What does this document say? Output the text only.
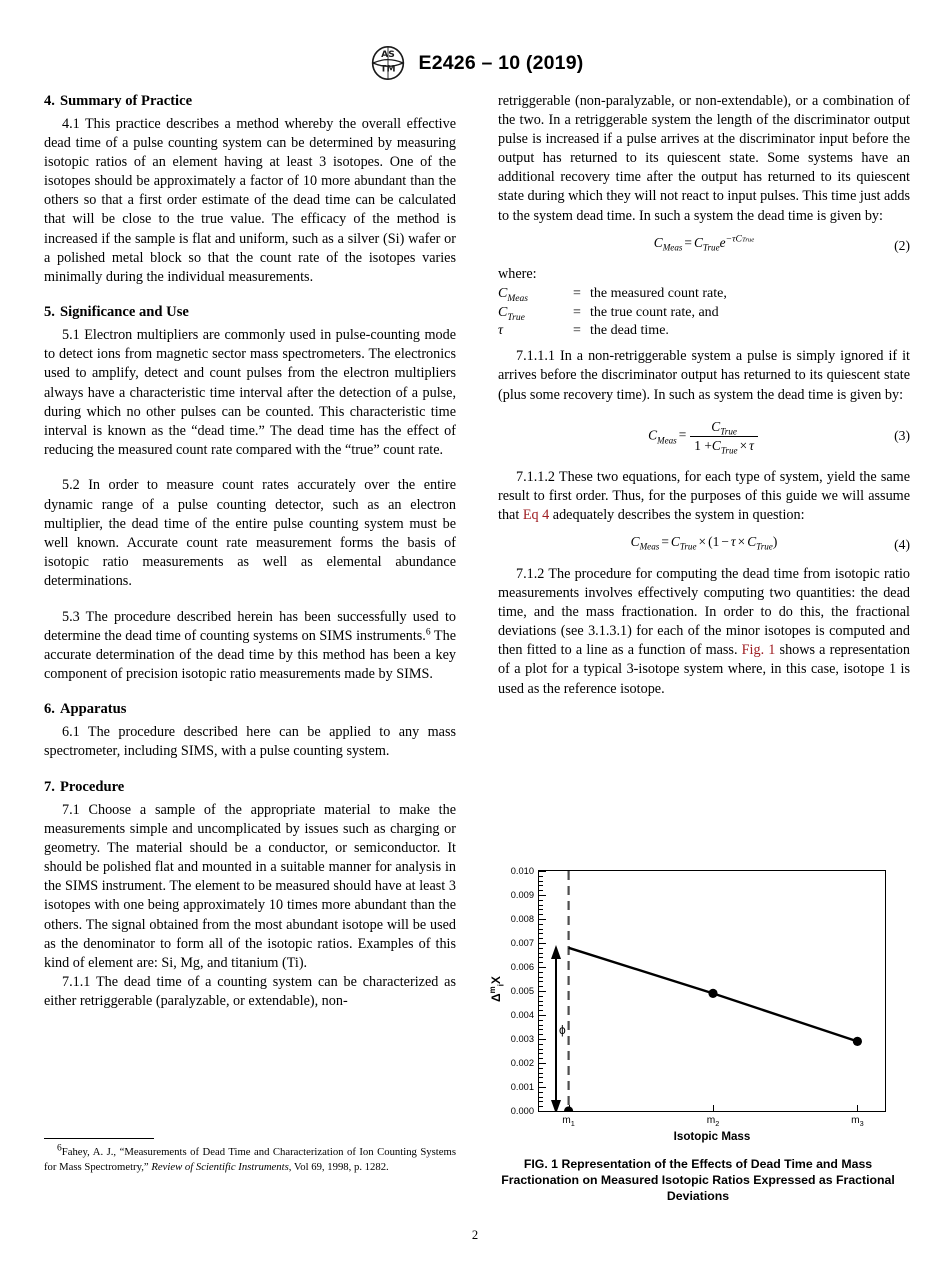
AS
TM E2426 – 10 (2019)
4. Summary of Practice

4.1 This practice describes a method whereby the overall effective dead time of a pulse counting system can be determined by measuring isotopic ratios of an element having at least 3 isotopes. One of the isotopes should be approximately a factor of 10 more abundant than the others so that a first order estimate of the dead time can be calculated that will be close to the true value. The efficacy of the method is increased if the sample is flat and uniform, such as a silver (Si) wafer or a polished metal block so that the count rate of the isotopes varies minimally during the individual measurements.

5. Significance and Use

5.1 Electron multipliers are commonly used in pulse-counting mode to detect ions from magnetic sector mass spectrometers. The electronics used to amplify, detect and count pulses from the electron multipliers always have a characteristic time interval after the detection of a pulse, during which no other pulses can be counted. This characteristic time interval is known as the “dead time.” The dead time has the effect of reducing the measured count rate compared with the “true” count rate.

5.2 In order to measure count rates accurately over the entire dynamic range of a pulse counting detector, such as an electron multiplier, the dead time of the entire pulse counting system must be well known. Accurate count rate measurement forms the basis of isotopic ratio measurements as well as elemental abundance determinations.

5.3 The procedure described herein has been successfully used to determine the dead time of counting systems on SIMS instruments.$^6$ The accurate determination of the dead time by this method has been a key component of precision isotopic ratio measurements made by SIMS.

6. Apparatus

6.1 The procedure described here can be applied to any mass spectrometer, including SIMS, with a pulse counting system.

7. Procedure

7.1 Choose a sample of the appropriate material to make the measurements simple and uncomplicated by issues such as charging or geometry. The material should be a conductor, or semiconductor. It should be polished flat and mounted in a suitable manner for analysis in the SIMS instrument. The element to be measured should have at least 3 isotopes with one being approximately 10 times more abundant than the others. The signal obtained from the most abundant isotope will be used as the denominator to form all of the isotopic ratios. Examples of this kind of element are: Si, Mg, and titanium (Ti).

7.1.1 The dead time of a counting system can be characterized as either retriggerable (paralyzable, or extendable), non-

retriggerable (non-paralyzable, or non-extendable), or a combination of the two. In a retriggerable system the length of the discriminator output pulse is increased if a pulse arrives at the discriminator input before the output has returned to its quiescent state. Some systems have an additional recovery time after the output has returned to its quiescent state during which they will not react to input pulses. This time just adds to the system dead time. In such a system the dead time is given by:

$C_{Meas} = C_{True}e^{-\tau CTrue}$	(2)
where:
$C_{Meas}$	=	the measured count rate,
$C_{True}$	=	the true count rate, and
τ	=	the dead time.

7.1.1.1 In a non-retriggerable system a pulse is simply ignored if it arrives before the discriminator output has returned to its quiescent state (plus some recovery time). In such as system the dead time is given by:

$C_{Meas} = \frac{C_{True}}{1 +C_{True} \times \tau}$	(3)

7.1.1.2 These two equations, for each type of system, yield the same result to first order. Thus, for the purposes of this guide we will assume that Eq 4 adequately describes the system in question:

$C_{Meas} = C_{True} \times (1 - \tau \times C_{True})$	(4)

7.1.2 The procedure for computing the dead time from isotopic ratio measurements involves effectively computing two quantities: the dead time, and the mass fractionation. In order to do this, the fractional deviations (see 3.1.3.1) for each of the minor isotopes is computed and then fitted to a line as a function of mass. Fig. 1 shows a representation of a plot for a typical 3-isotope system where, in this case, isotope 1 is used as the reference isotope.

6Fahey, A. J., “Measurements of Dead Time and Characterization of Ion Counting Systems for Mass Spectrometry,” Review of Scientific Instruments, Vol 69, 1998, p. 1282.

$\Delta^m_iX$
0.010
0.009
0.008
0.007
0.006
0.005
0.004
0.003
0.002
0.001
0.000
$m_1$	$m_2$	$m_3$
ϕ
Isotopic Mass
FIG. 1 Representation of the Effects of Dead Time and Mass Fractionation on Measured Isotopic Ratios Expressed as Fractional Deviations
2
